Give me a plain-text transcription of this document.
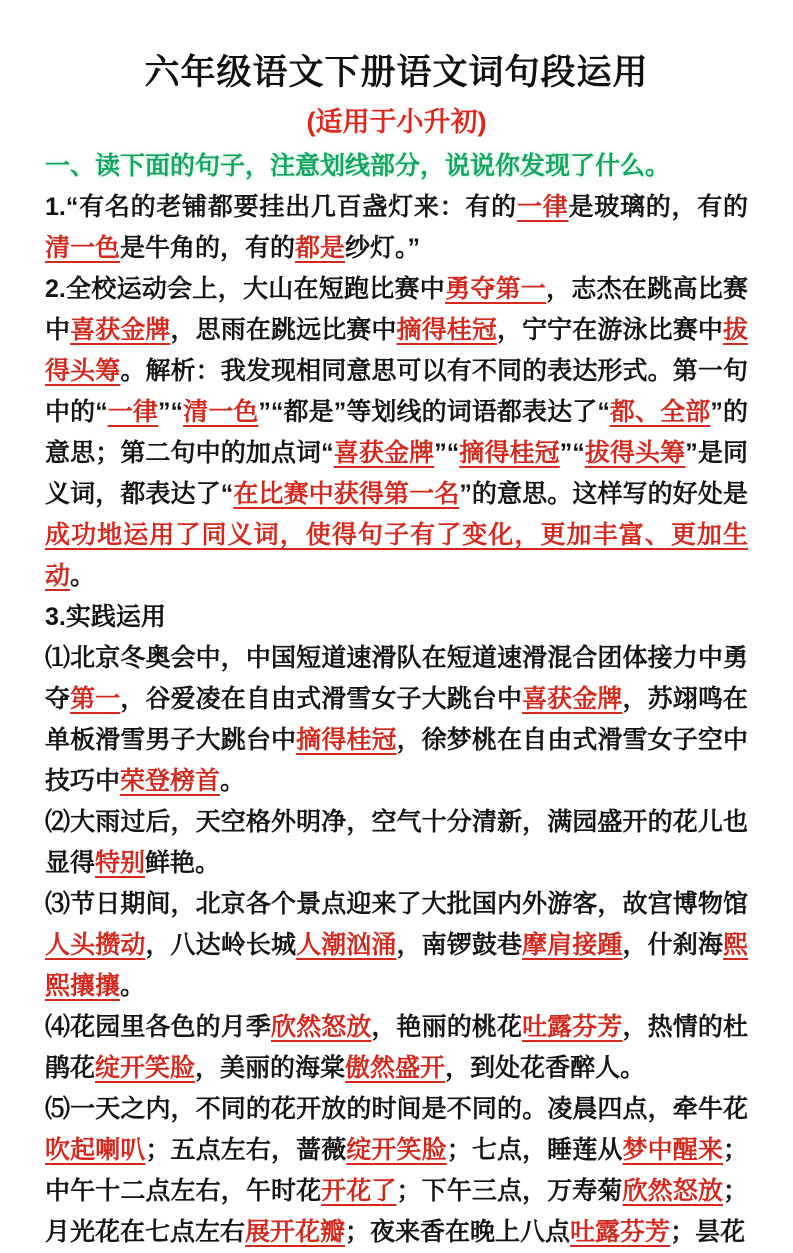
六年级语文下册语文词句段运用
(适用于小升初)
一、读下面的句子，注意划线部分，说说你发现了什么。

1.“有名的老铺都要挂出几百盏灯来：有的一律是玻璃的，有的清一色是牛角的，有的都是纱灯。”

2.全校运动会上，大山在短跑比赛中勇夺第一，志杰在跳高比赛中喜获金牌，思雨在跳远比赛中摘得桂冠，宁宁在游泳比赛中拔得头筹。解析：我发现相同意思可以有不同的表达形式。第一句中的“一律”“清一色”“都是”等划线的词语都表达了“都、全部”的意思；第二句中的加点词“喜获金牌”“摘得桂冠”“拔得头筹”是同义词，都表达了“在比赛中获得第一名”的意思。这样写的好处是成功地运用了同义词，使得句子有了变化，更加丰富、更加生动。

3.实践运用

⑴北京冬奥会中，中国短道速滑队在短道速滑混合团体接力中勇夺第一，谷爱凌在自由式滑雪女子大跳台中喜获金牌，苏翊鸣在单板滑雪男子大跳台中摘得桂冠，徐梦桃在自由式滑雪女子空中技巧中荣登榜首。

⑵大雨过后，天空格外明净，空气十分清新，满园盛开的花儿也显得特别鲜艳。

⑶节日期间，北京各个景点迎来了大批国内外游客，故宫博物馆人头攒动，八达岭长城人潮汹涌，南锣鼓巷摩肩接踵，什刹海熙熙攘攘。

⑷花园里各色的月季欣然怒放，艳丽的桃花吐露芬芳，热情的杜鹃花绽开笑脸，美丽的海棠傲然盛开，到处花香醉人。

⑸一天之内，不同的花开放的时间是不同的。凌晨四点，牵牛花吹起喇叭；五点左右，蔷薇绽开笑脸；七点，睡莲从梦中醒来；中午十二点左右，午时花开花了；下午三点，万寿菊欣然怒放；月光花在七点左右展开花瓣；夜来香在晚上八点吐露芬芳；昙花
